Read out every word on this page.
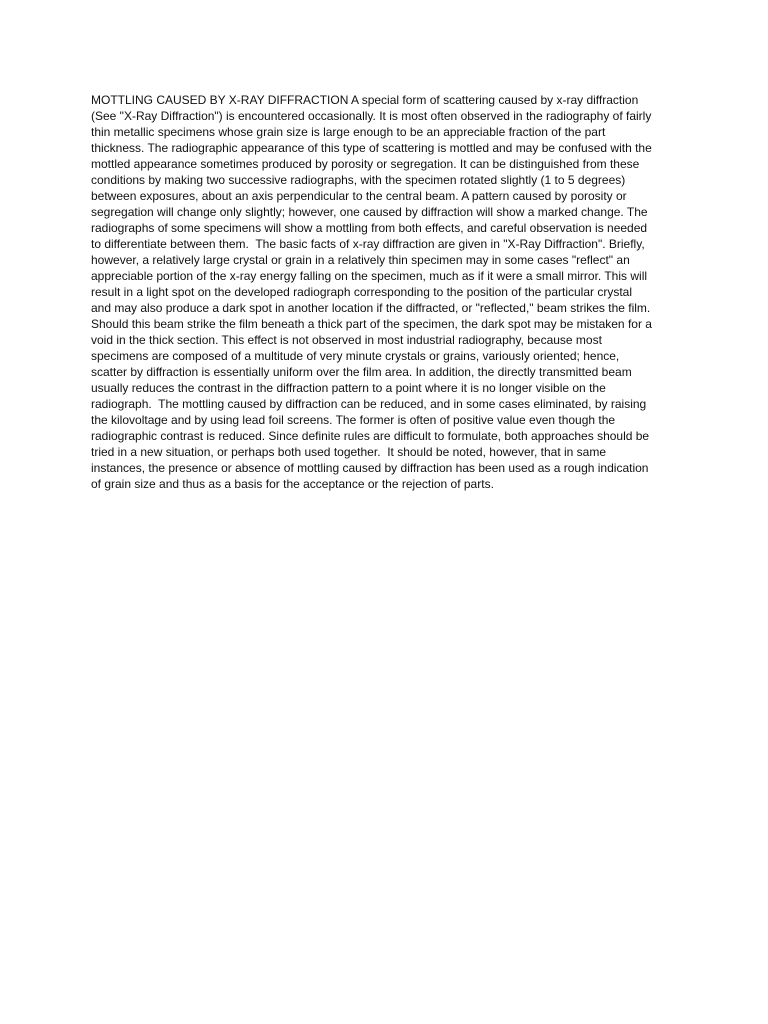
MOTTLING CAUSED BY X-RAY DIFFRACTION A special form of scattering caused by x-ray diffraction
(See "X-Ray Diffraction") is encountered occasionally. It is most often observed in the radiography of fairly
thin metallic specimens whose grain size is large enough to be an appreciable fraction of the part
thickness. The radiographic appearance of this type of scattering is mottled and may be confused with the
mottled appearance sometimes produced by porosity or segregation. It can be distinguished from these
conditions by making two successive radiographs, with the specimen rotated slightly (1 to 5 degrees)
between exposures, about an axis perpendicular to the central beam. A pattern caused by porosity or
segregation will change only slightly; however, one caused by diffraction will show a marked change. The
radiographs of some specimens will show a mottling from both effects, and careful observation is needed
to differentiate between them.  The basic facts of x-ray diffraction are given in "X-Ray Diffraction". Briefly,
however, a relatively large crystal or grain in a relatively thin specimen may in some cases "reflect" an
appreciable portion of the x-ray energy falling on the specimen, much as if it were a small mirror. This will
result in a light spot on the developed radiograph corresponding to the position of the particular crystal
and may also produce a dark spot in another location if the diffracted, or "reflected," beam strikes the film.
Should this beam strike the film beneath a thick part of the specimen, the dark spot may be mistaken for a
void in the thick section. This effect is not observed in most industrial radiography, because most
specimens are composed of a multitude of very minute crystals or grains, variously oriented; hence,
scatter by diffraction is essentially uniform over the film area. In addition, the directly transmitted beam
usually reduces the contrast in the diffraction pattern to a point where it is no longer visible on the
radiograph.  The mottling caused by diffraction can be reduced, and in some cases eliminated, by raising
the kilovoltage and by using lead foil screens. The former is often of positive value even though the
radiographic contrast is reduced. Since definite rules are difficult to formulate, both approaches should be
tried in a new situation, or perhaps both used together.  It should be noted, however, that in same
instances, the presence or absence of mottling caused by diffraction has been used as a rough indication
of grain size and thus as a basis for the acceptance or the rejection of parts.
